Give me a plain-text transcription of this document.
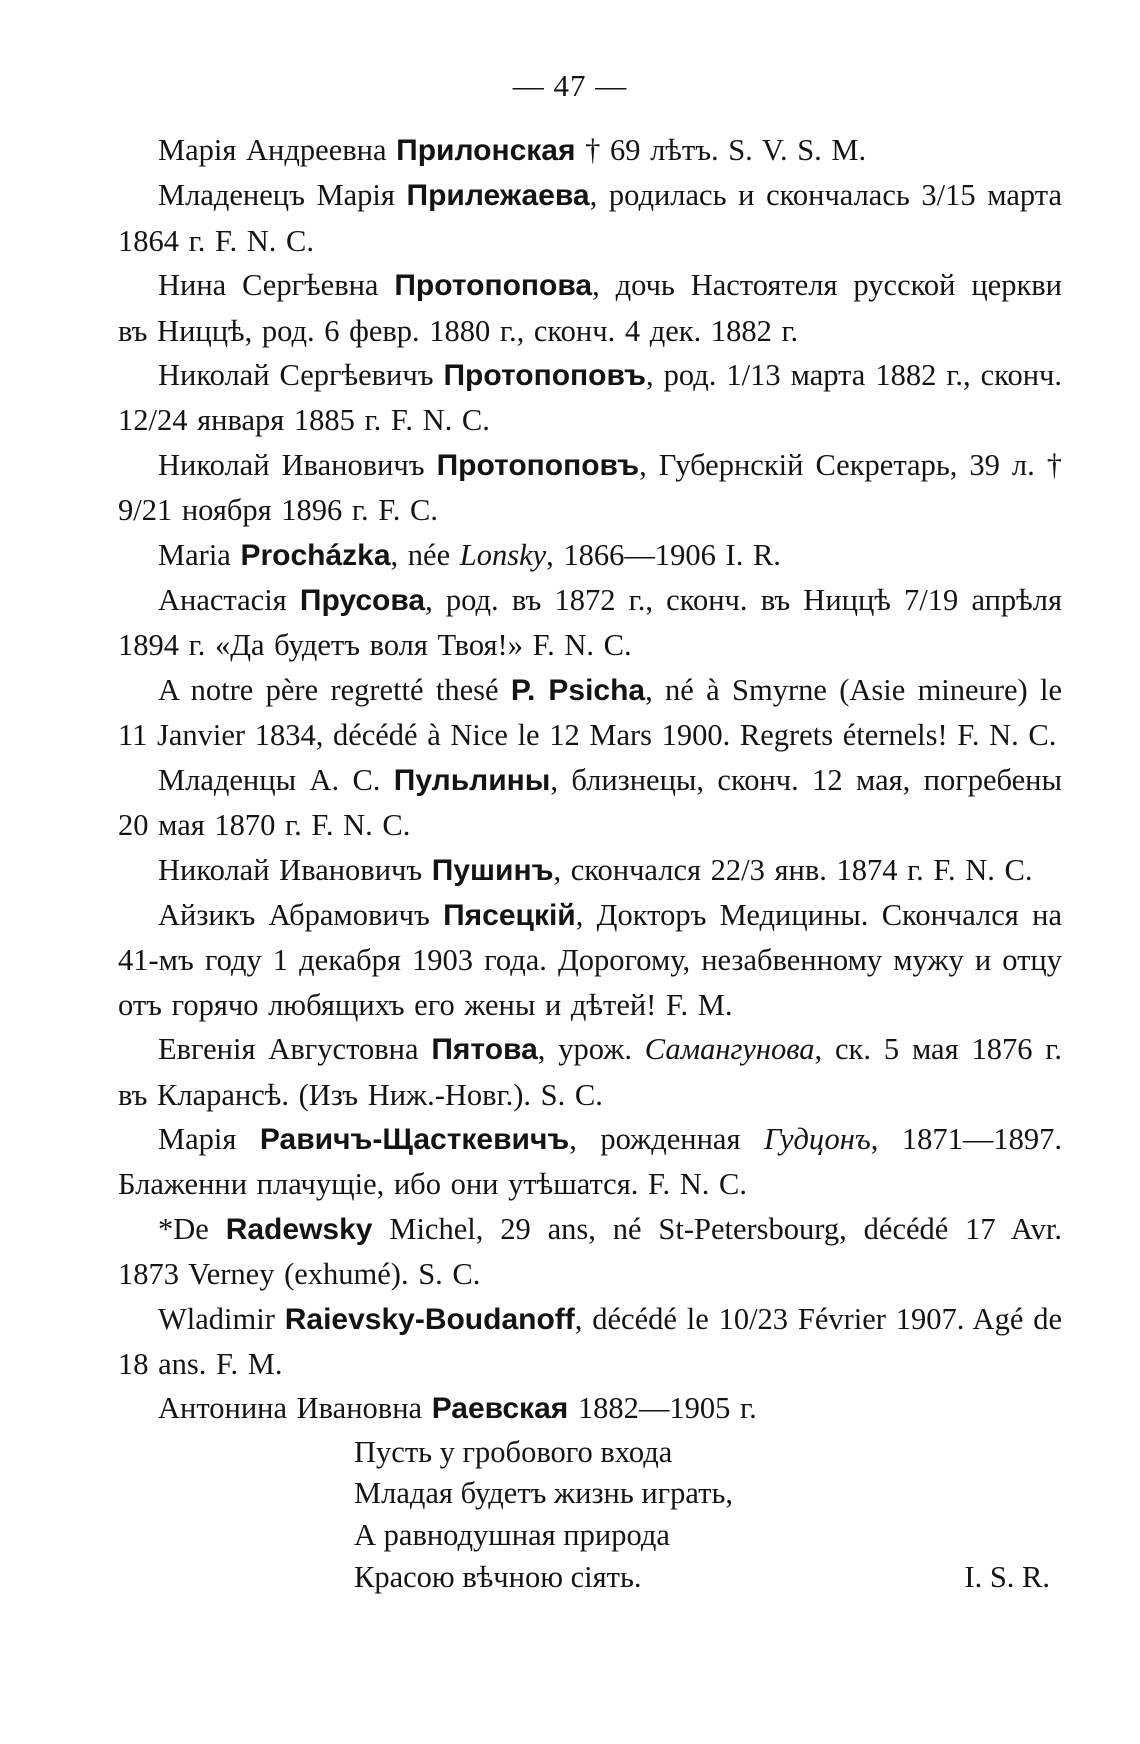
— 47 —

Марія Андреевна Прилонская † 69 лѣтъ. S. V. S. M.

Младенецъ Марія Прилежаева, родилась и скончалась 3/15 марта 1864 г. F. N. C.

Нина Сергѣевна Протопопова, дочь Настоятеля русской церкви въ Ниццѣ, род. 6 февр. 1880 г., сконч. 4 дек. 1882 г.

Николай Сергѣевичъ Протопоповъ, род. 1/13 марта 1882 г., сконч. 12/24 января 1885 г. F. N. C.

Николай Ивановичъ Протопоповъ, Губернскій Секретарь, 39 л. † 9/21 ноября 1896 г. F. C.

Maria Procházka, née Lonsky, 1866—1906 I. R.

Анастасія Прусова, род. въ 1872 г., сконч. въ Ниццѣ 7/19 апрѣля 1894 г. «Да будетъ воля Твоя!» F. N. C.

A notre père regretté thesé P. Psicha, né à Smyrne (Asie mineure) le 11 Janvier 1834, décédé à Nice le 12 Mars 1900. Regrets éternels! F. N. C.

Младенцы А. С. Пульлины, близнецы, сконч. 12 мая, погребены 20 мая 1870 г. F. N. C.

Николай Ивановичъ Пушинъ, скончался 22/3 янв. 1874 г. F. N. C.

Айзикъ Абрамовичъ Пясецкій, Докторъ Медицины. Скончался на 41-мъ году 1 декабря 1903 года. Дорогому, незабвенному мужу и отцу отъ горячо любящихъ его жены и дѣтей! F. M.

Евгенія Августовна Пятова, урож. Самангунова, ск. 5 мая 1876 г. въ Кларансѣ. (Изъ Ниж.-Новг.). S. C.

Марія Равичъ-Щасткевичъ, рожденная Гудцонъ, 1871—1897. Блаженни плачущіе, ибо они утѣшатся. F. N. C.

*De Radewsky Michel, 29 ans, né St-Petersbourg, décédé 17 Avr. 1873 Verney (exhumé). S. C.

Wladimir Raievsky-Boudanoff, décédé le 10/23 Février 1907. Agé de 18 ans. F. M.

Антонина Ивановна Раевская 1882—1905 г.

Пусть у гробового входа

Младая будетъ жизнь играть,

А равнодушная природа

Красою вѣчною сіять.	I. S. R.
